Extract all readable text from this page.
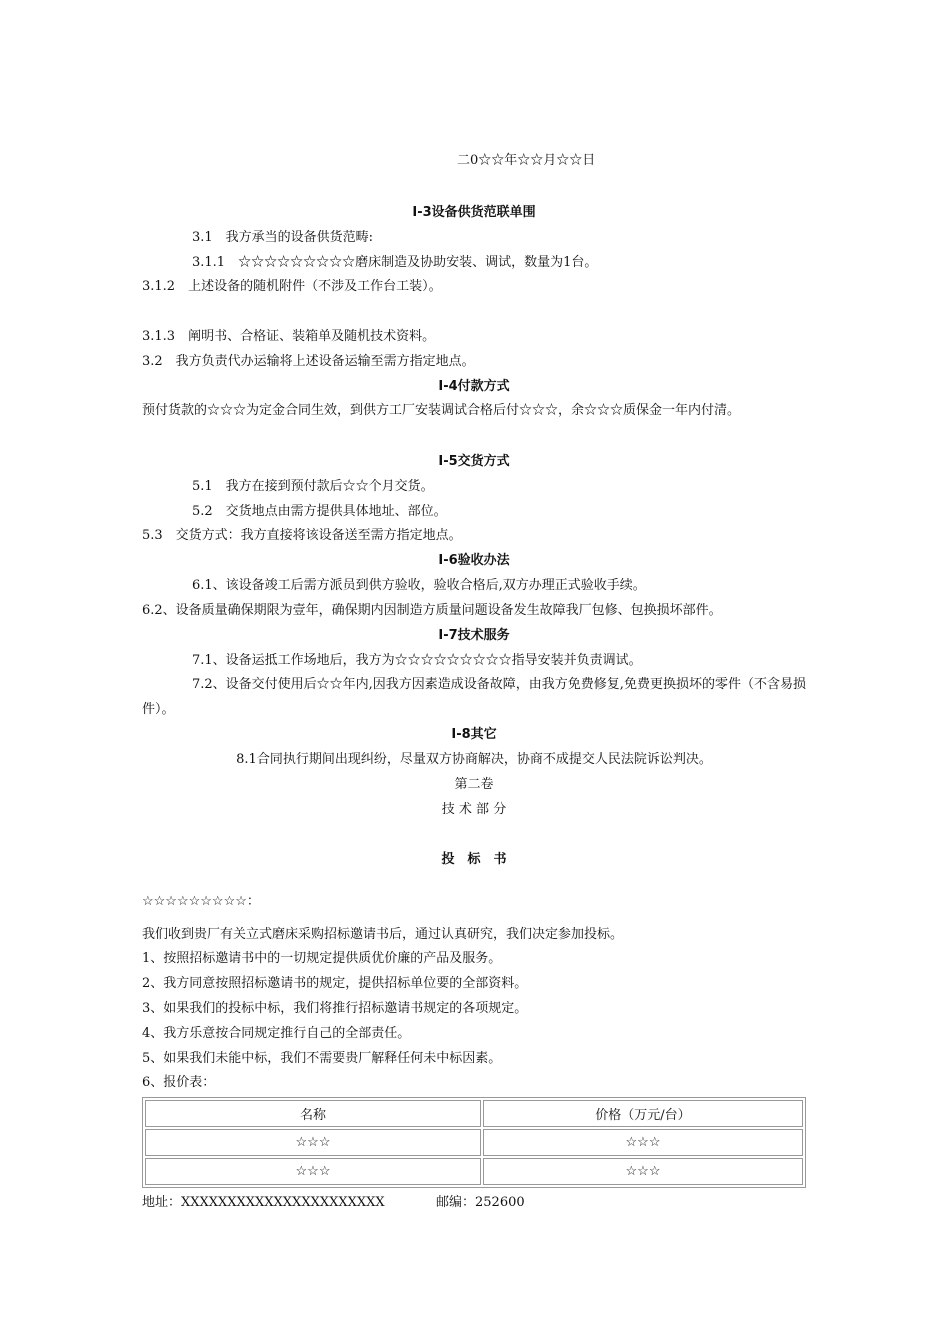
二0☆☆年☆☆月☆☆日
I-3设备供货范联单围
3.1　我方承当的设备供货范畴:
3.1.1　☆☆☆☆☆☆☆☆☆磨床制造及协助安装、调试，数量为1台。
3.1.2　上述设备的随机附件（不涉及工作台工装）。
3.1.3　阐明书、合格证、装箱单及随机技术资料。
3.2　我方负责代办运输将上述设备运输至需方指定地点。
I-4付款方式
预付货款的☆☆☆为定金合同生效，到供方工厂安装调试合格后付☆☆☆，余☆☆☆质保金一年内付清。
I-5交货方式
5.1　我方在接到预付款后☆☆个月交货。
5.2　交货地点由需方提供具体地址、部位。
5.3　交货方式：我方直接将该设备送至需方指定地点。
I-6验收办法
6.1、该设备竣工后需方派员到供方验收，验收合格后,双方办理正式验收手续。
6.2、设备质量确保期限为壹年，确保期内因制造方质量问题设备发生故障我厂包修、包换损坏部件。
I-7技术服务
7.1、设备运抵工作场地后，我方为☆☆☆☆☆☆☆☆☆指导安装并负责调试。
7.2、设备交付使用后☆☆年内,因我方因素造成设备故障，由我方免费修复,免费更换损坏的零件（不含易损件）。
I-8其它
8.1合同执行期间出现纠纷，尽量双方协商解决，协商不成提交人民法院诉讼判决。
第二卷
技 术 部 分
投　标　书
☆☆☆☆☆☆☆☆☆：
我们收到贵厂有关立式磨床采购招标邀请书后，通过认真研究，我们决定参加投标。
1、按照招标邀请书中的一切规定提供质优价廉的产品及服务。
2、我方同意按照招标邀请书的规定，提供招标单位要的全部资料。
3、如果我们的投标中标，我们将推行招标邀请书规定的各项规定。
4、我方乐意按合同规定推行自己的全部责任。
5、如果我们未能中标，我们不需要贵厂解释任何未中标因素。
6、报价表：
名称	价格（万元/台）
☆☆☆	☆☆☆
☆☆☆	☆☆☆
地址：XXXXXXXXXXXXXXXXXXXXXX	邮编：252600
